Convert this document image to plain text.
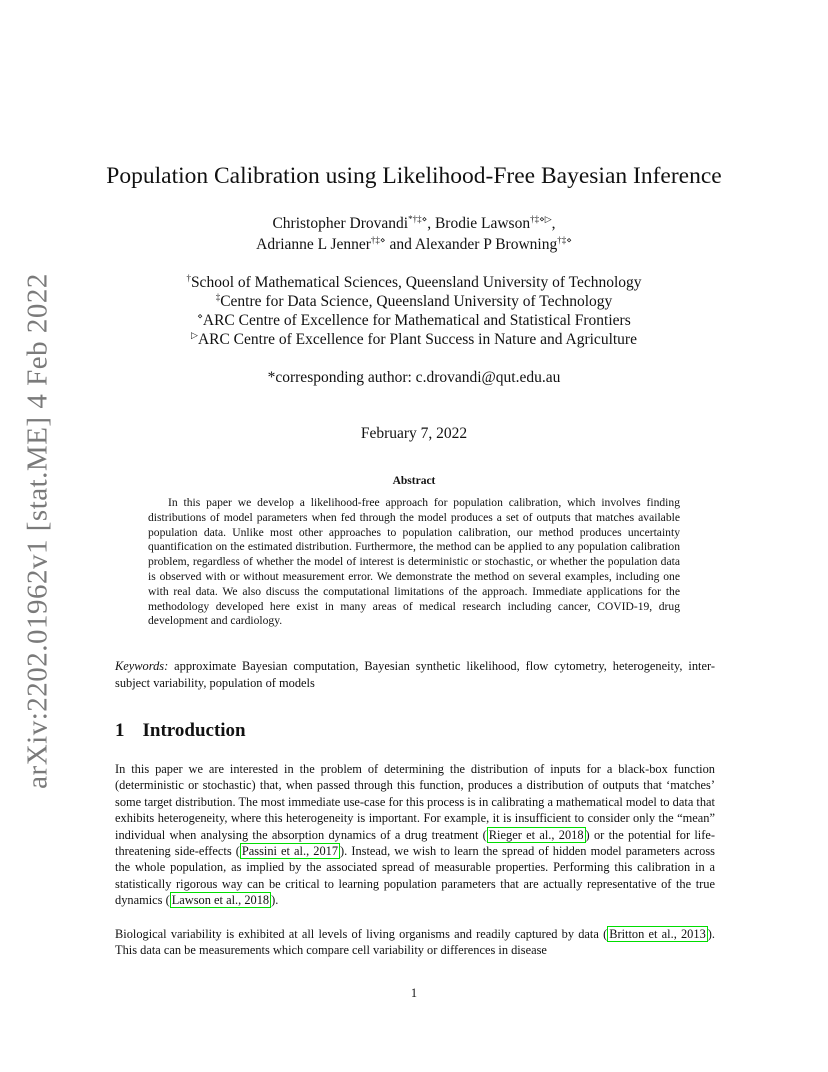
arXiv:2202.01962v1 [stat.ME] 4 Feb 2022
Population Calibration using Likelihood-Free Bayesian Inference
Christopher Drovandi*†‡⋄, Brodie Lawson†‡⋄▷,
Adrianne L Jenner†‡⋄ and Alexander P Browning†‡⋄
†School of Mathematical Sciences, Queensland University of Technology
‡Centre for Data Science, Queensland University of Technology
⋄ARC Centre of Excellence for Mathematical and Statistical Frontiers
▷ARC Centre of Excellence for Plant Success in Nature and Agriculture
*corresponding author: c.drovandi@qut.edu.au
February 7, 2022
Abstract

In this paper we develop a likelihood-free approach for population calibration, which involves finding distributions of model parameters when fed through the model produces a set of outputs that matches available population data. Unlike most other approaches to population calibration, our method produces uncertainty quantification on the estimated distribution. Furthermore, the method can be applied to any population calibration problem, regardless of whether the model of interest is deterministic or stochastic, or whether the population data is observed with or without measurement error. We demonstrate the method on several examples, including one with real data. We also discuss the computational limitations of the approach. Immediate applications for the methodology developed here exist in many areas of medical research including cancer, COVID-19, drug development and cardiology.

Keywords: approximate Bayesian computation, Bayesian synthetic likelihood, flow cytometry, heterogeneity, inter-subject variability, population of models

1 Introduction

In this paper we are interested in the problem of determining the distribution of inputs for a black-box function (deterministic or stochastic) that, when passed through this function, produces a distribution of outputs that ‘matches’ some target distribution. The most immediate use-case for this process is in calibrating a mathematical model to data that exhibits heterogeneity, where this heterogeneity is important. For example, it is insufficient to consider only the “mean” individual when analysing the absorption dynamics of a drug treatment ( Rieger et al., 2018 ) or the potential for life-threatening side-effects ( Passini et al., 2017 ). Instead, we wish to learn the spread of hidden model parameters across the whole population, as implied by the associated spread of measurable properties. Performing this calibration in a statistically rigorous way can be critical to learning population parameters that are actually representative of the true dynamics ( Lawson et al., 2018 ).

Biological variability is exhibited at all levels of living organisms and readily captured by data ( Britton et al., 2013 ). This data can be measurements which compare cell variability or differences in disease

1
